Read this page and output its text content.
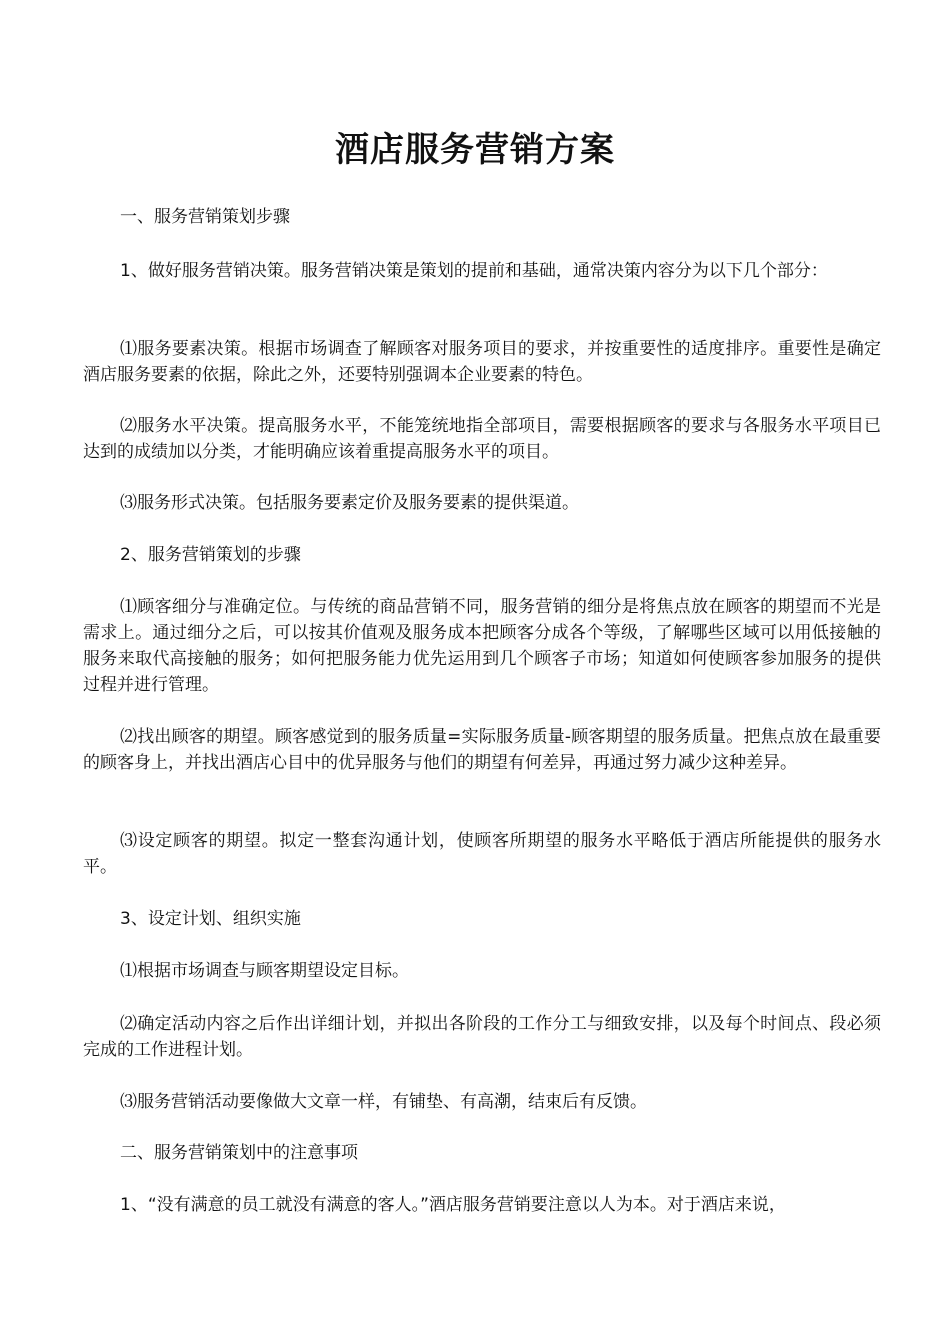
酒店服务营销方案

一、服务营销策划步骤

1、做好服务营销决策。服务营销决策是策划的提前和基础，通常决策内容分为以下几个部分：

⑴服务要素决策。根据市场调查了解顾客对服务项目的要求，并按重要性的适度排序。重要性是确定酒店服务要素的依据，除此之外，还要特别强调本企业要素的特色。

⑵服务水平决策。提高服务水平，不能笼统地指全部项目，需要根据顾客的要求与各服务水平项目已达到的成绩加以分类，才能明确应该着重提高服务水平的项目。

⑶服务形式决策。包括服务要素定价及服务要素的提供渠道。

2、服务营销策划的步骤

⑴顾客细分与准确定位。与传统的商品营销不同，服务营销的细分是将焦点放在顾客的期望而不光是需求上。通过细分之后，可以按其价值观及服务成本把顾客分成各个等级，了解哪些区域可以用低接触的服务来取代高接触的服务；如何把服务能力优先运用到几个顾客子市场；知道如何使顾客参加服务的提供过程并进行管理。

⑵找出顾客的期望。顾客感觉到的服务质量=实际服务质量-顾客期望的服务质量。把焦点放在最重要的顾客身上，并找出酒店心目中的优异服务与他们的期望有何差异，再通过努力减少这种差异。

⑶设定顾客的期望。拟定一整套沟通计划，使顾客所期望的服务水平略低于酒店所能提供的服务水平。

3、设定计划、组织实施

⑴根据市场调查与顾客期望设定目标。

⑵确定活动内容之后作出详细计划，并拟出各阶段的工作分工与细致安排，以及每个时间点、段必须完成的工作进程计划。

⑶服务营销活动要像做大文章一样，有铺垫、有高潮，结束后有反馈。

二、服务营销策划中的注意事项

1、“没有满意的员工就没有满意的客人。”酒店服务营销要注意以人为本。对于酒店来说，
